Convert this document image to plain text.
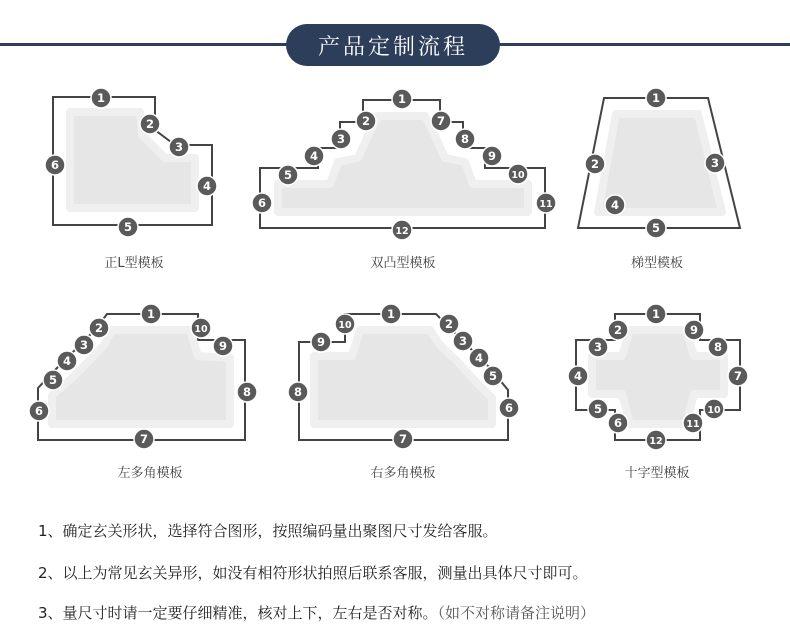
产品定制流程
1
2
3
4
5
6
1
2
3
4
5
6
7
8
9
10
11
12
1
2	3
4
5
1
2
3
4
5
6
7
8
9
10
1
2
3
4
5
6
7
8
9
10
1
2
3
4
5
6
7
8
9
10
11
12
正L型模板	双凸型模板	梯型模板
左多角模板	右多角模板	十字型模板
1、确定玄关形状，选择符合图形，按照编码量出聚图尺寸发给客服。
2、以上为常见玄关异形，如没有相符形状拍照后联系客服，测量出具体尺寸即可。
3、量尺寸时请一定要仔细精准，核对上下，左右是否对称。（如不对称请备注说明）
